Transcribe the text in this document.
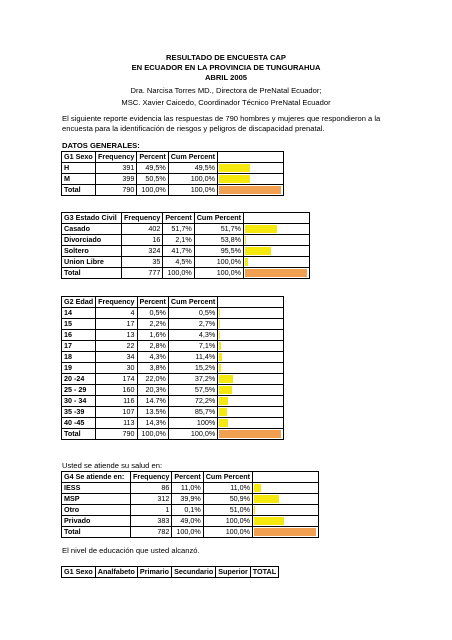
RESULTADO DE ENCUESTA CAP
EN ECUADOR EN LA PROVINCIA DE TUNGURAHUA
ABRIL 2005
Dra. Narcisa Torres MD., Directora de PreNatal Ecuador;
MSC. Xavier Caicedo, Coordinador Técnico PreNatal Ecuador
El siguiente reporte evidencia las respuestas de 790 hombres y mujeres que respondieron a la encuesta para la identificación de riesgos y peligros de discapacidad prenatal.
DATOS GENERALES:
G1 Sexo	Frequency	Percent	Cum Percent	
H	391	49,5%	49,5%	

M	399	50,5%	100,0%	

Total	790	100,0%	100,0%	
G3 Estado Civil	Frequency	Percent	Cum Percent	
Casado	402	51,7%	51,7%	

Divorciado	16	2,1%	53,8%	

Soltero	324	41,7%	95,5%	

Union Libre	35	4,5%	100,0%	

Total	777	100,0%	100,0%	
G2 Edad	Frequency	Percent	Cum Percent	
14	4	0,5%	0,5%	

15	17	2,2%	2,7%	

16	13	1,6%	4,3%	

17	22	2,8%	7,1%	

18	34	4,3%	11,4%	

19	30	3,8%	15,2%	

20 -24	174	22,0%	37,2%	

25 - 29	160	20,3%	57,5%	

30 - 34	116	14.7%	72,2%	

35 -39	107	13.5%	85,7%	

40 -45	113	14,3%	100%	

Total	790	100,0%	100,0%	
Usted se atiende su salud en:
G4 Se atiende en:	Frequency	Percent	Cum Percent	
IESS	86	11,0%	11,0%	

MSP	312	39,9%	50,9%	

Otro	1	0,1%	51,0%	

Privado	383	49,0%	100,0%	

Total	782	100,0%	100,0%	
El nivel de educación que usted alcanzó.
G1 Sexo	Analfabeto	Primario	Secundario	Superior	TOTAL
